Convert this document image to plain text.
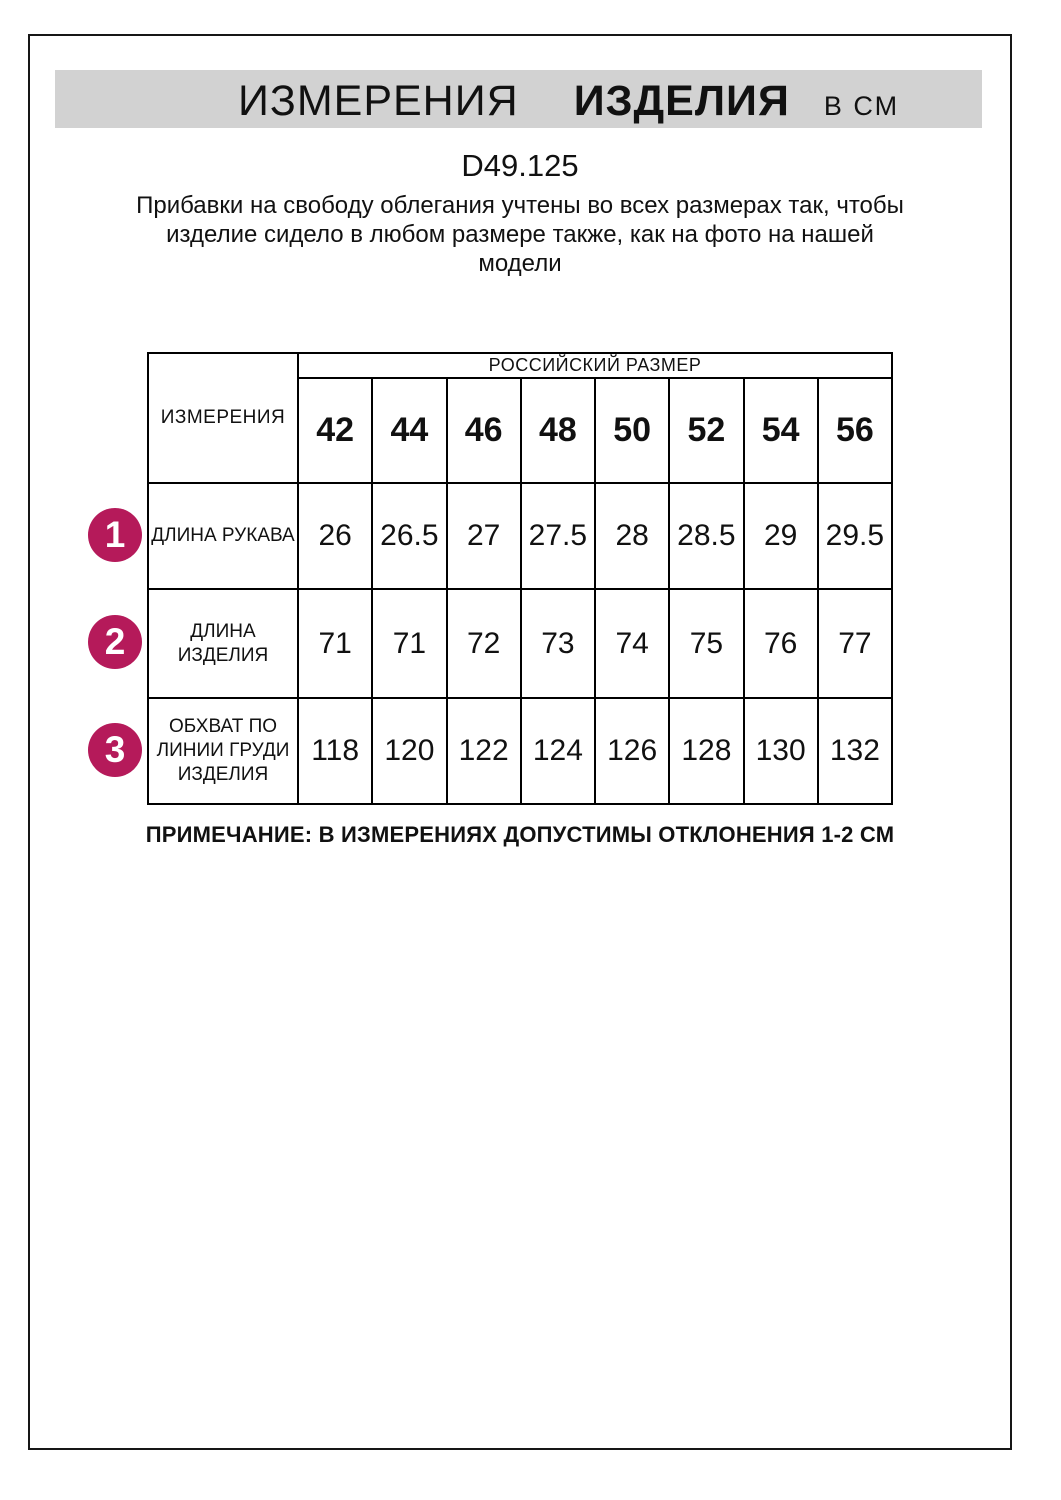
ИЗМЕРЕНИЯ ИЗДЕЛИЯ В СМ
D49.125
Прибавки на свободу облегания учтены во всех размерах так, чтобы
изделие сидело в любом размере также, как на фото на нашей
модели
ИЗМЕРЕНИЯ	РОССИЙСКИЙ РАЗМЕР							
	42	44	46	48	50	52	54	56
ДЛИНА РУКАВА	26	26.5	27	27.5	28	28.5	29	29.5
ДЛИНА
ИЗДЕЛИЯ	71	71	72	73	74	75	76	77
ОБХВАТ ПО
ЛИНИИ ГРУДИ
ИЗДЕЛИЯ	118	120	122	124	126	128	130	132
1
2
3
ПРИМЕЧАНИЕ: В ИЗМЕРЕНИЯХ ДОПУСТИМЫ ОТКЛОНЕНИЯ 1-2 СМ
